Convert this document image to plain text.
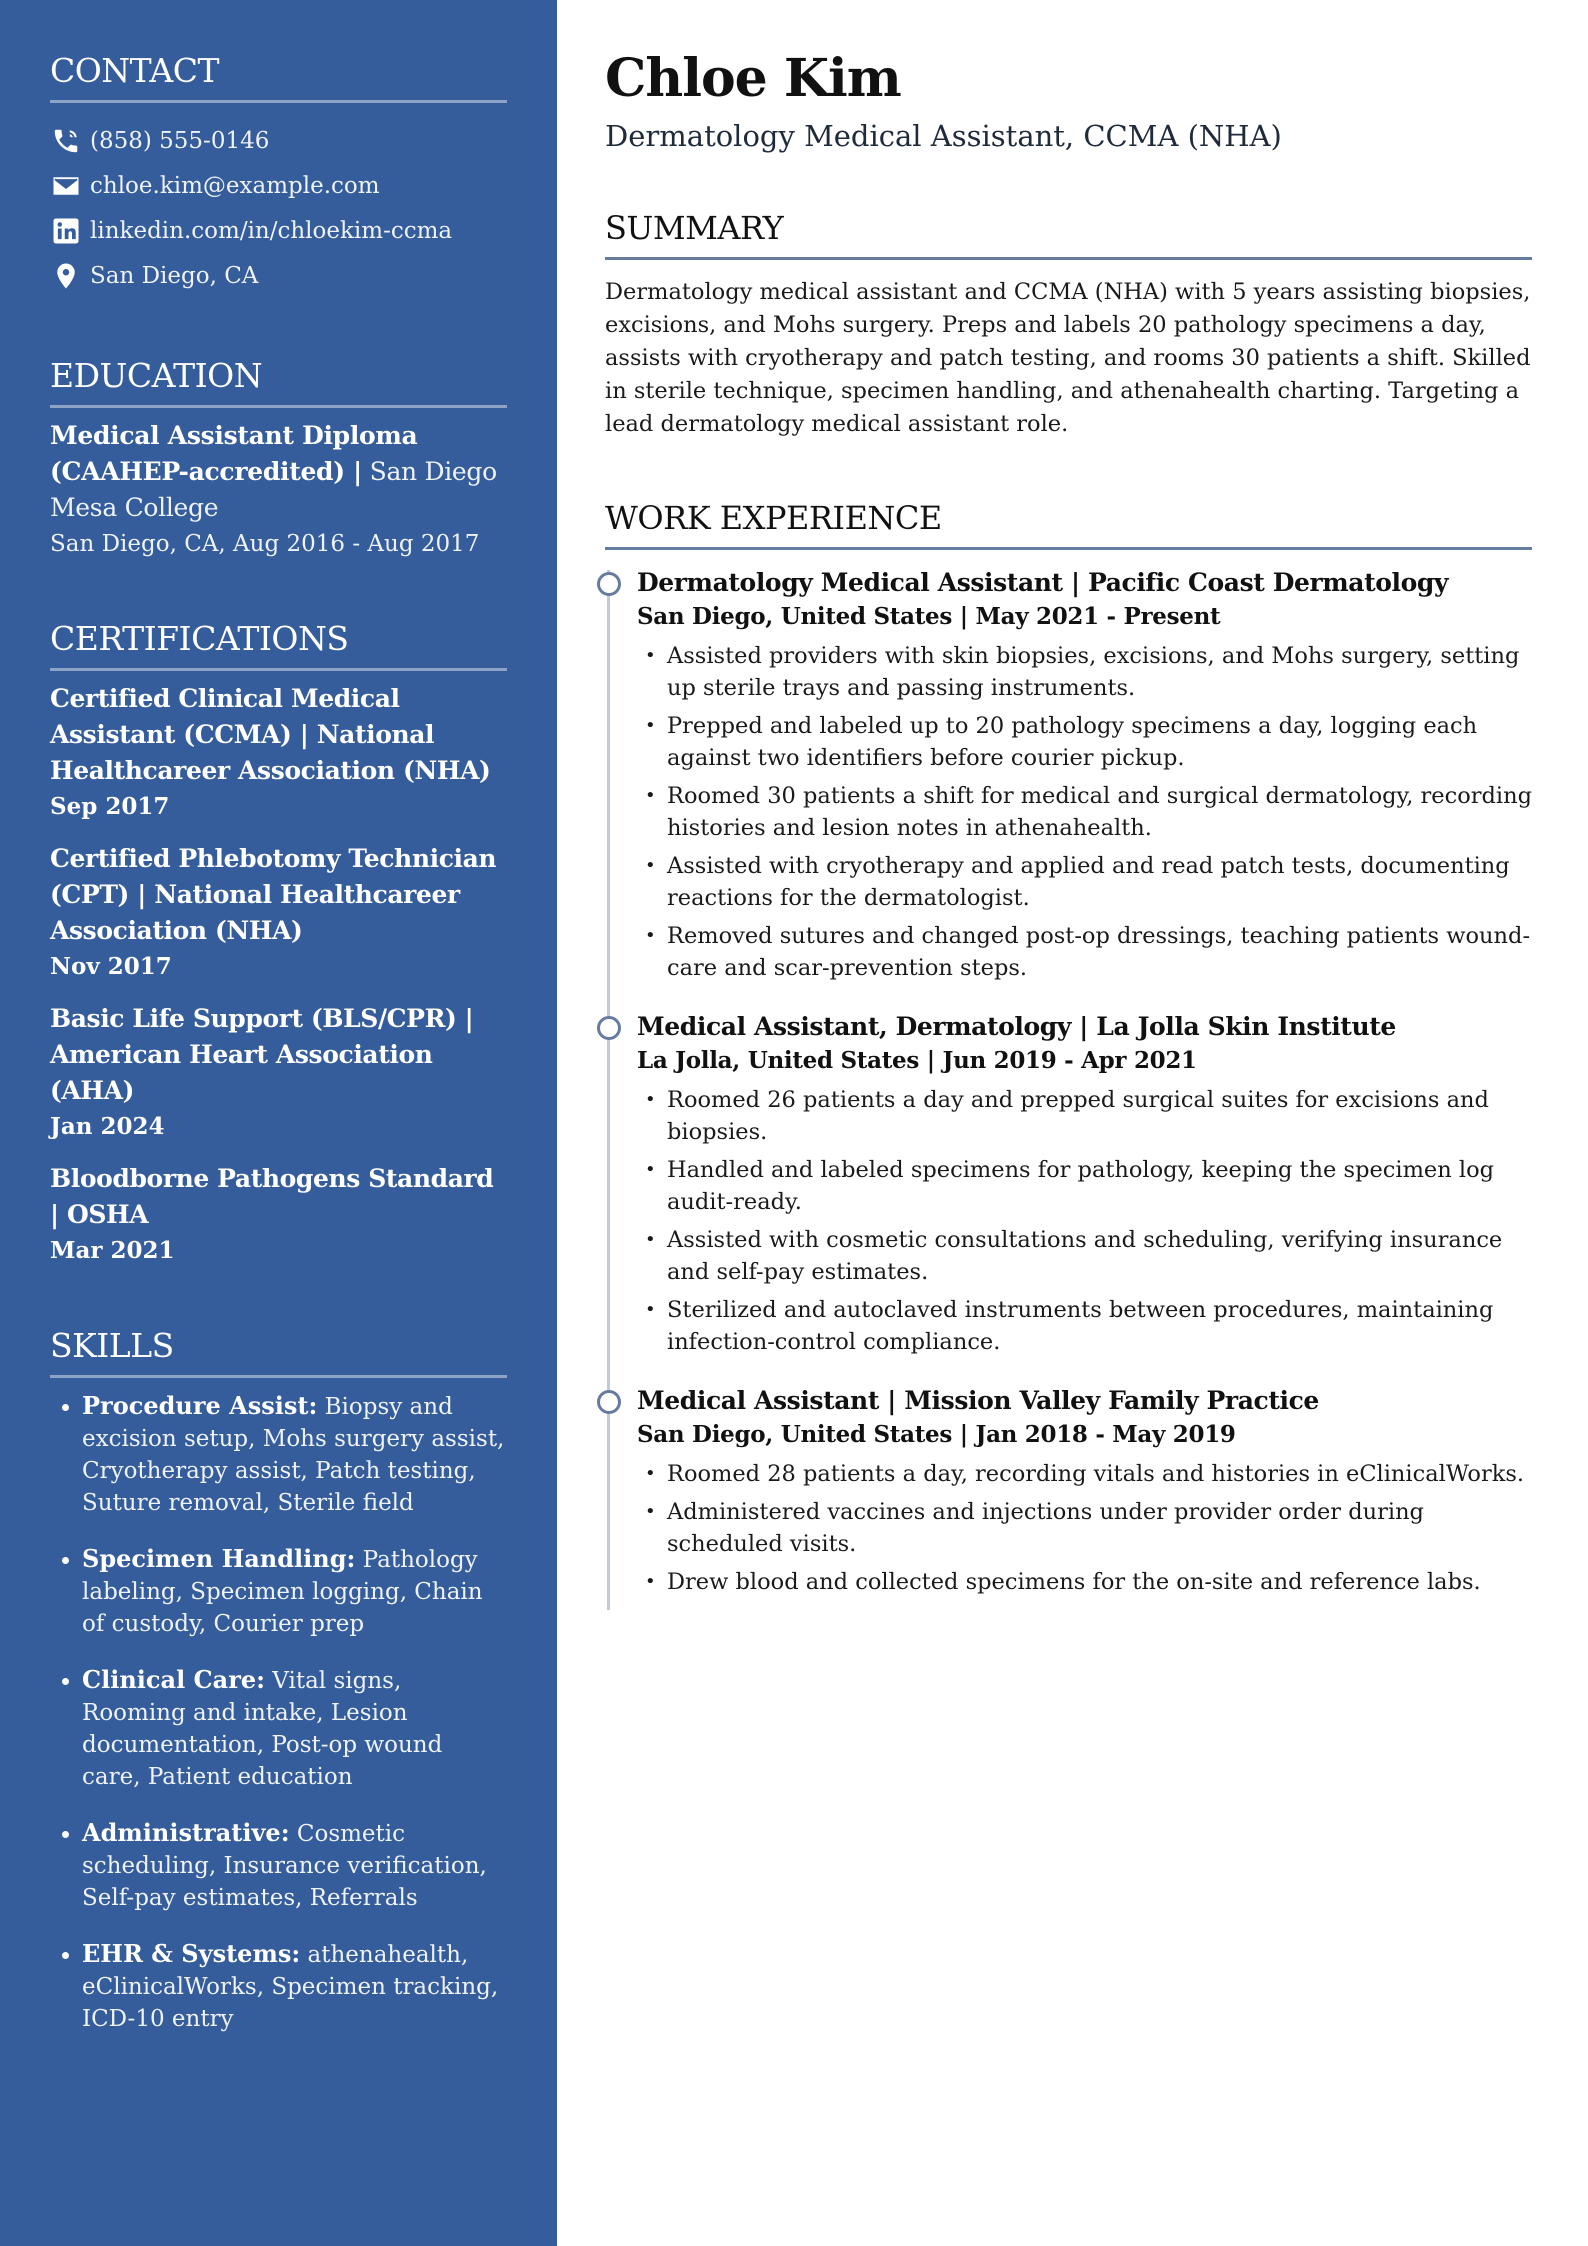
CONTACT
(858) 555-0146
chloe.kim@example.com
linkedin.com/in/chloekim-ccma
San Diego, CA
EDUCATION
Medical Assistant Diploma (CAAHEP-accredited) | San Diego Mesa College
San Diego, CA, Aug 2016 - Aug 2017
CERTIFICATIONS
Certified Clinical Medical Assistant (CCMA) | National Healthcareer Association (NHA)
Sep 2017
Certified Phlebotomy Technician (CPT) | National Healthcareer Association (NHA)
Nov 2017
Basic Life Support (BLS/CPR) | American Heart Association (AHA)
Jan 2024
Bloodborne Pathogens Standard | OSHA
Mar 2021
SKILLS
• Procedure Assist: Biopsy and excision setup, Mohs surgery assist, Cryotherapy assist, Patch testing, Suture removal, Sterile field
• Specimen Handling: Pathology labeling, Specimen logging, Chain of custody, Courier prep
• Clinical Care: Vital signs, Rooming and intake, Lesion documentation, Post-op wound care, Patient education
• Administrative: Cosmetic scheduling, Insurance verification, Self-pay estimates, Referrals
• EHR & Systems: athenahealth, eClinicalWorks, Specimen tracking, ICD-10 entry
Chloe Kim
Dermatology Medical Assistant, CCMA (NHA)
SUMMARY

Dermatology medical assistant and CCMA (NHA) with 5 years assisting biopsies, excisions, and Mohs surgery. Preps and labels 20 pathology specimens a day, assists with cryotherapy and patch testing, and rooms 30 patients a shift. Skilled in sterile technique, specimen handling, and athenahealth charting. Targeting a lead dermatology medical assistant role.

WORK EXPERIENCE
Dermatology Medical Assistant | Pacific Coast Dermatology
San Diego, United States | May 2021 - Present
• Assisted providers with skin biopsies, excisions, and Mohs surgery, setting up sterile trays and passing instruments.
• Prepped and labeled up to 20 pathology specimens a day, logging each against two identifiers before courier pickup.
• Roomed 30 patients a shift for medical and surgical dermatology, recording histories and lesion notes in athenahealth.
• Assisted with cryotherapy and applied and read patch tests, documenting reactions for the dermatologist.
• Removed sutures and changed post-op dressings, teaching patients wound-care and scar-prevention steps.
Medical Assistant, Dermatology | La Jolla Skin Institute
La Jolla, United States | Jun 2019 - Apr 2021
• Roomed 26 patients a day and prepped surgical suites for excisions and biopsies.
• Handled and labeled specimens for pathology, keeping the specimen log audit-ready.
• Assisted with cosmetic consultations and scheduling, verifying insurance and self-pay estimates.
• Sterilized and autoclaved instruments between procedures, maintaining infection-control compliance.
Medical Assistant | Mission Valley Family Practice
San Diego, United States | Jan 2018 - May 2019
• Roomed 28 patients a day, recording vitals and histories in eClinicalWorks.
• Administered vaccines and injections under provider order during scheduled visits.
• Drew blood and collected specimens for the on-site and reference labs.
